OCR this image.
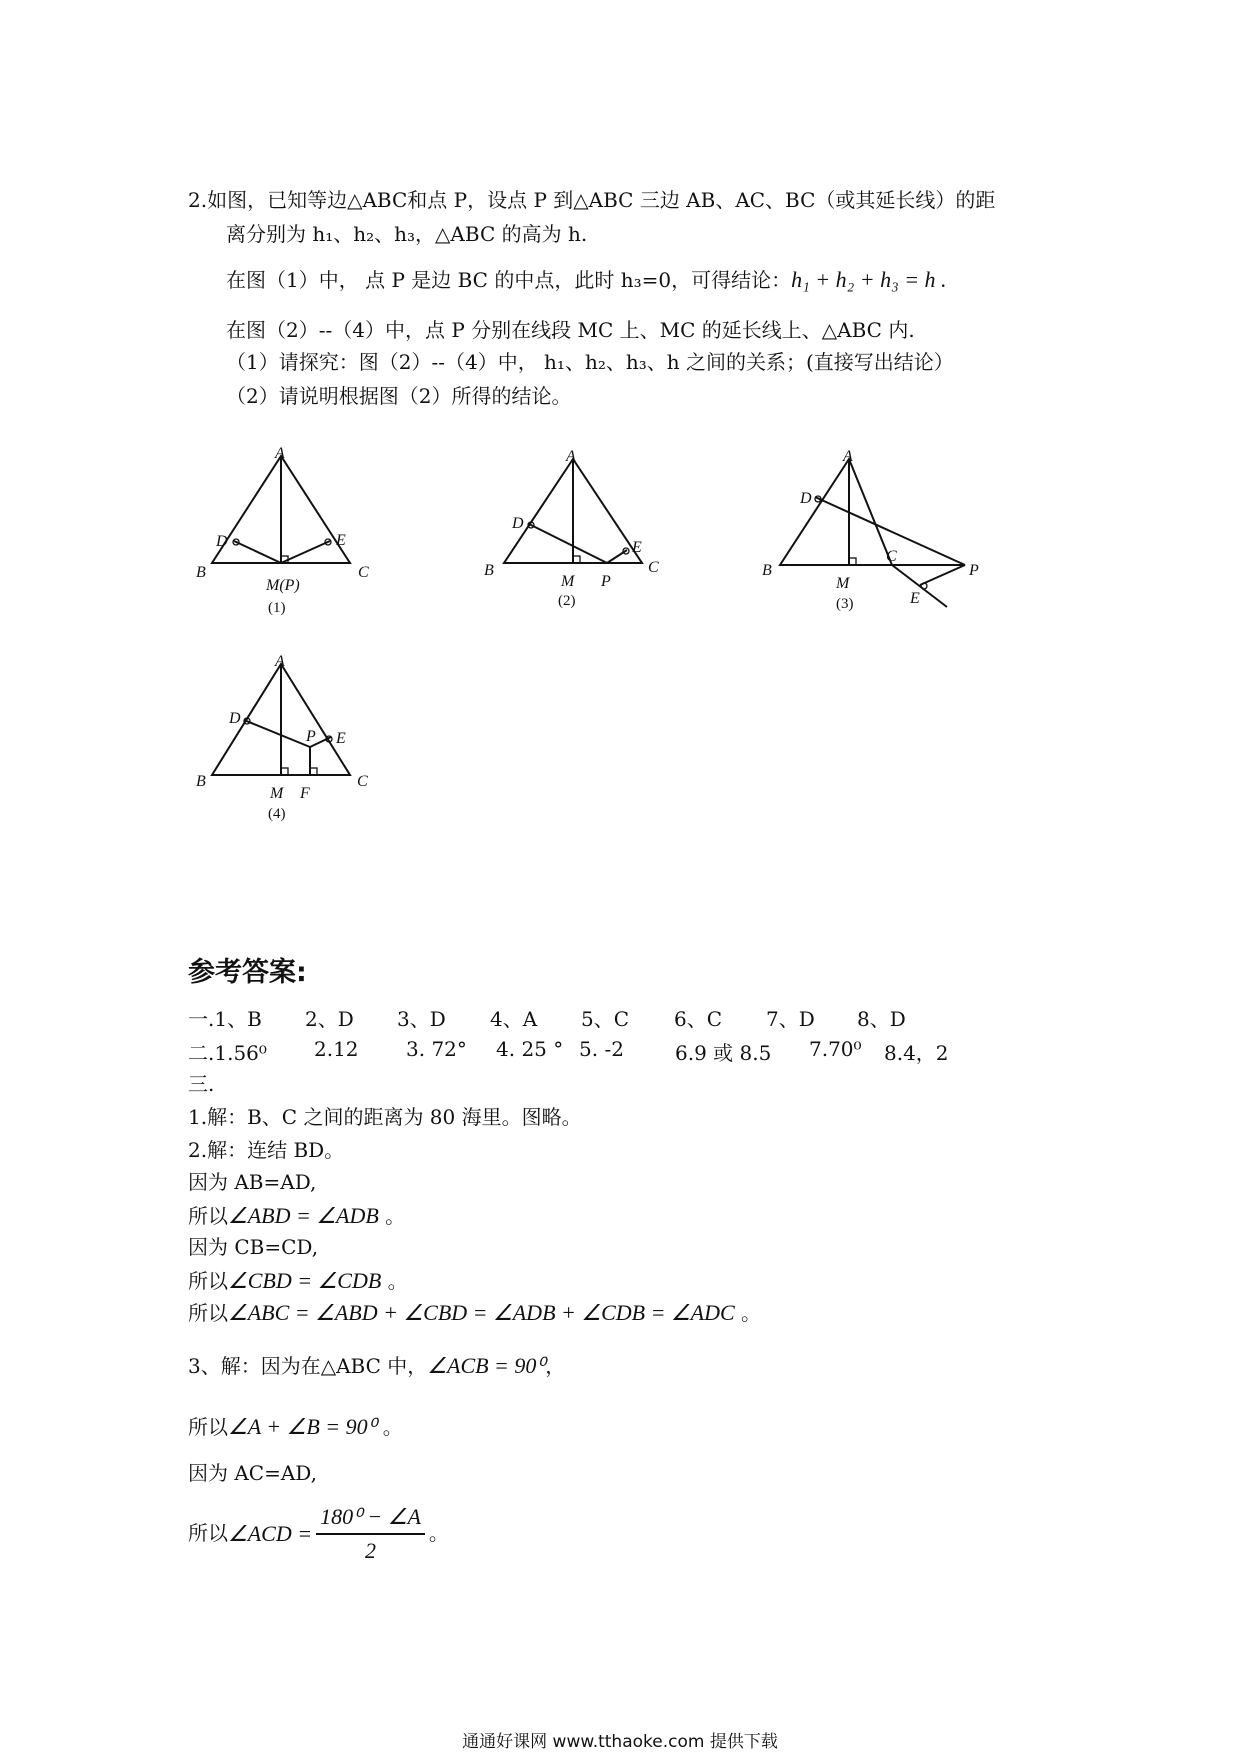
2.如图，已知等边△ABC和点 P，设点 P 到△ABC 三边 AB、AC、BC（或其延长线）的距
离分别为 h₁、h₂、h₃，△ABC 的高为 h.
在图（1）中， 点 P 是边 BC 的中点，此时 h₃=0，可得结论：h₁ + h₂ + h₃ = h .
在图（2）--（4）中，点 P 分别在线段 MC 上、MC 的延长线上、△ABC 内.
（1）请探究：图（2）--（4）中， h₁、h₂、h₃、h 之间的关系；(直接写出结论）
（2）请说明根据图（2）所得的结论。
A
B	C
D	E
M(P)
(1)
A
B	C
D
E
M P
(2)
A
B
C
D
E
M
P
(3)
A
B	C
D
E
M
P
F
(4)
参考答案:
一.1、B 2、D 3、D 4、A 5、C 6、C 7、D 8、D
二.1.56⁰ 2.12 3. 72° 4. 25 ° 5. -2	6.9 或 8.5 7.70⁰ 8.4，2
三.
1.解：B、C 之间的距离为 80 海里。图略。
2.解：连结 BD。
因为 AB=AD,
所以∠ABD = ∠ADB 。
因为 CB=CD,
所以∠CBD = ∠CDB 。
所以∠ABC = ∠ABD + ∠CBD = ∠ADB + ∠CDB = ∠ADC 。
3、解：因为在△ABC 中，∠ACB = 90⁰，
所以∠A + ∠B = 90⁰ 。
因为 AC=AD,
所以∠ACD = $\frac{\text{180⁰ − ∠A}}{2}$ 。
通通好课网 www.tthaoke.com 提供下载
